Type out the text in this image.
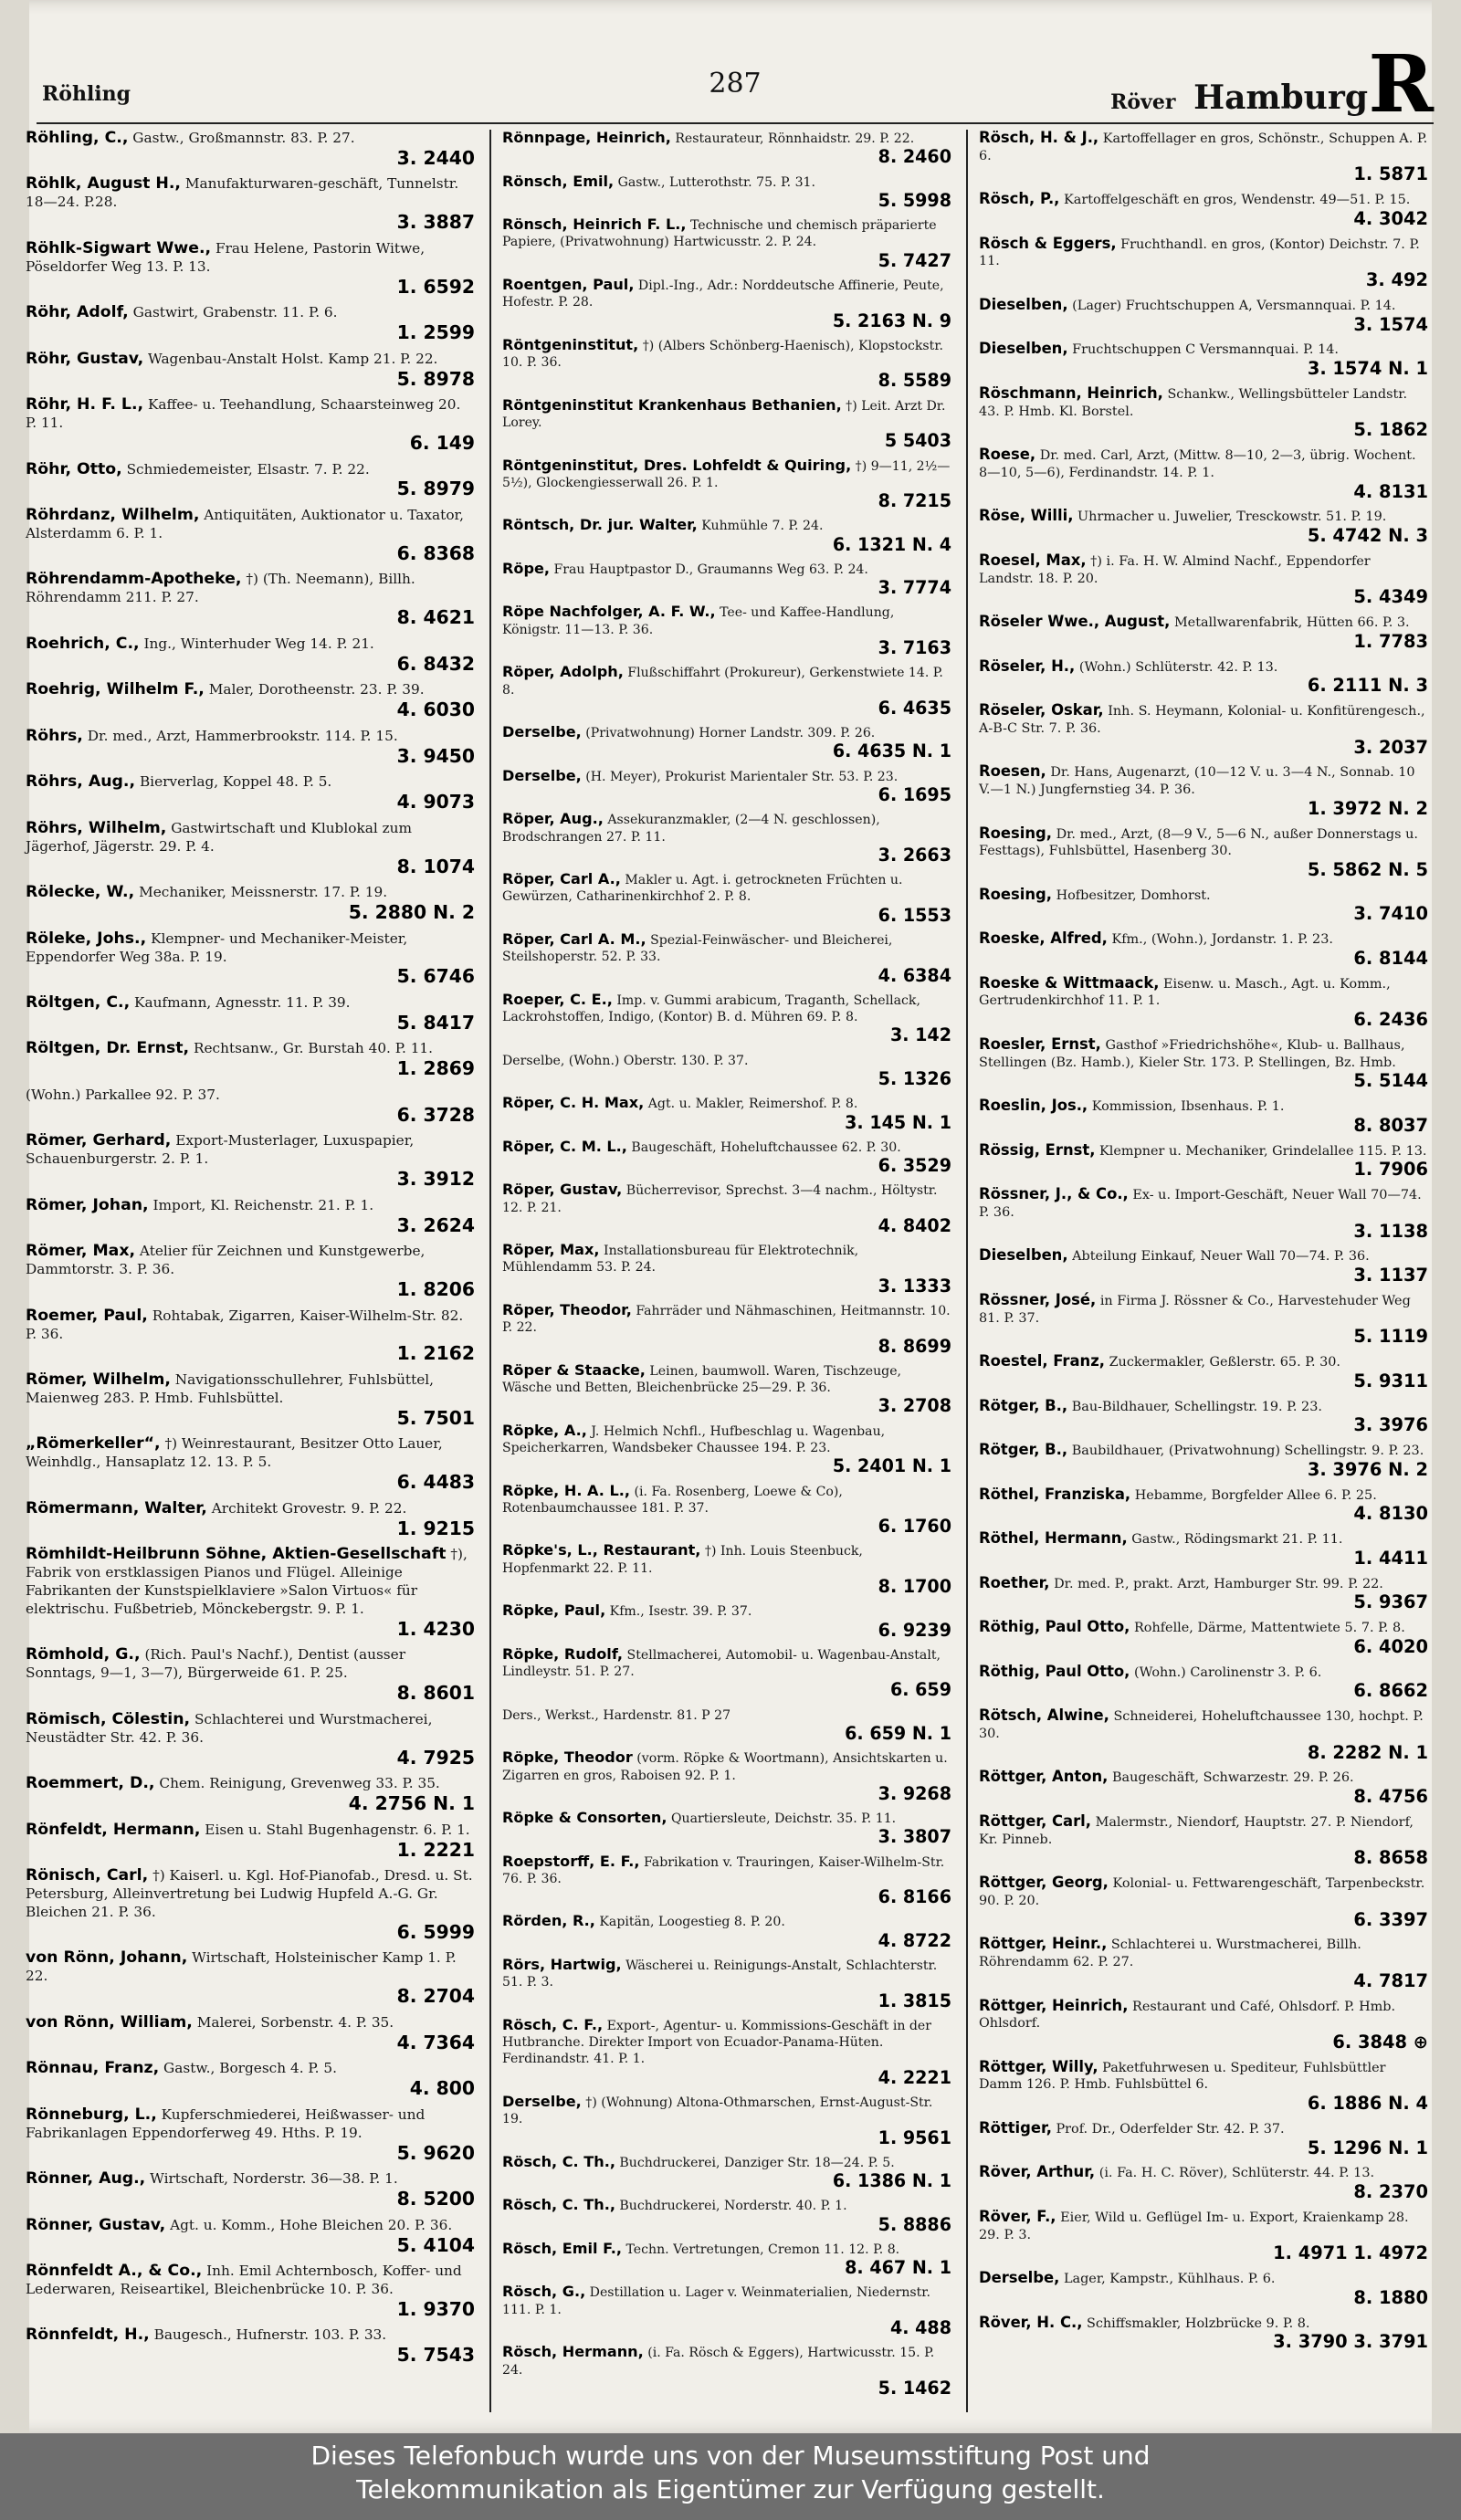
Röhling	287
Röver Hamburg R
Röhling, C., Gastw., Großmannstr. 83. P. 27.
3. 2440
Röhlk, August H., Manufakturwaren-geschäft, Tunnelstr. 18—24. P.28.
3. 3887
Röhlk-Sigwart Wwe., Frau Helene, Pastorin Witwe, Pöseldorfer Weg 13. P. 13.
1. 6592
Röhr, Adolf, Gastwirt, Grabenstr. 11. P. 6.
1. 2599
Röhr, Gustav, Wagenbau-Anstalt Holst. Kamp 21. P. 22.
5. 8978
Röhr, H. F. L., Kaffee- u. Teehandlung, Schaarsteinweg 20. P. 11.
6. 149
Röhr, Otto, Schmiedemeister, Elsastr. 7. P. 22.
5. 8979
Röhrdanz, Wilhelm, Antiquitäten, Auktionator u. Taxator, Alsterdamm 6. P. 1.
6. 8368
Röhrendamm-Apotheke, †) (Th. Neemann), Billh. Röhrendamm 211. P. 27.
8. 4621
Roehrich, C., Ing., Winterhuder Weg 14. P. 21.
6. 8432
Roehrig, Wilhelm F., Maler, Dorotheenstr. 23. P. 39.
4. 6030
Röhrs, Dr. med., Arzt, Hammerbrookstr. 114. P. 15.
3. 9450
Röhrs, Aug., Bierverlag, Koppel 48. P. 5.
4. 9073
Röhrs, Wilhelm, Gastwirtschaft und Klublokal zum Jägerhof, Jägerstr. 29. P. 4.
8. 1074
Rölecke, W., Mechaniker, Meissnerstr. 17. P. 19.
5. 2880 N. 2
Röleke, Johs., Klempner- und Mechaniker-Meister, Eppendorfer Weg 38a. P. 19.
5. 6746
Röltgen, C., Kaufmann, Agnesstr. 11. P. 39.
5. 8417
Röltgen, Dr. Ernst, Rechtsanw., Gr. Burstah 40. P. 11.
1. 2869
(Wohn.) Parkallee 92. P. 37.
6. 3728
Römer, Gerhard, Export-Musterlager, Luxuspapier, Schauenburgerstr. 2. P. 1.
3. 3912
Römer, Johan, Import, Kl. Reichenstr. 21. P. 1.
3. 2624
Römer, Max, Atelier für Zeichnen und Kunstgewerbe, Dammtorstr. 3. P. 36.
1. 8206
Roemer, Paul, Rohtabak, Zigarren, Kaiser-Wilhelm-Str. 82. P. 36.
1. 2162
Römer, Wilhelm, Navigationsschullehrer, Fuhlsbüttel, Maienweg 283. P. Hmb. Fuhlsbüttel.
5. 7501
„Römerkeller“, †) Weinrestaurant, Besitzer Otto Lauer, Weinhdlg., Hansaplatz 12. 13. P. 5.
6. 4483
Römermann, Walter, Architekt Grovestr. 9. P. 22.
1. 9215
Römhildt-Heilbrunn Söhne, Aktien-Gesellschaft †), Fabrik von erstklassigen Pianos und Flügel. Alleinige Fabrikanten der Kunstspielklaviere »Salon Virtuos« für elektrischu. Fußbetrieb, Mönckebergstr. 9. P. 1.
1. 4230
Römhold, G., (Rich. Paul's Nachf.), Dentist (ausser Sonntags, 9—1, 3—7), Bürgerweide 61. P. 25.
8. 8601
Römisch, Cölestin, Schlachterei und Wurstmacherei, Neustädter Str. 42. P. 36.
4. 7925
Roemmert, D., Chem. Reinigung, Grevenweg 33. P. 35.
4. 2756 N. 1
Rönfeldt, Hermann, Eisen u. Stahl Bugenhagenstr. 6. P. 1.
1. 2221
Rönisch, Carl, †) Kaiserl. u. Kgl. Hof-Pianofab., Dresd. u. St. Petersburg, Alleinvertretung bei Ludwig Hupfeld A.-G. Gr. Bleichen 21. P. 36.
6. 5999
von Rönn, Johann, Wirtschaft, Holsteinischer Kamp 1. P. 22.
8. 2704
von Rönn, William, Malerei, Sorbenstr. 4. P. 35.
4. 7364
Rönnau, Franz, Gastw., Borgesch 4. P. 5.
4. 800
Rönneburg, L., Kupferschmiederei, Heißwasser- und Fabrikanlagen Eppendorferweg 49. Hths. P. 19.
5. 9620
Rönner, Aug., Wirtschaft, Norderstr. 36—38. P. 1.
8. 5200
Rönner, Gustav, Agt. u. Komm., Hohe Bleichen 20. P. 36.
5. 4104
Rönnfeldt A., & Co., Inh. Emil Achternbosch, Koffer- und Lederwaren, Reiseartikel, Bleichenbrücke 10. P. 36.
1. 9370
Rönnfeldt, H., Baugesch., Hufnerstr. 103. P. 33.
5. 7543
Rönnpage, Heinrich, Restaurateur, Rönnhaidstr. 29. P. 22.
8. 2460
Rönsch, Emil, Gastw., Lutterothstr. 75. P. 31.
5. 5998
Rönsch, Heinrich F. L., Technische und chemisch präparierte Papiere, (Privatwohnung) Hartwicusstr. 2. P. 24.
5. 7427
Roentgen, Paul, Dipl.-Ing., Adr.: Norddeutsche Affinerie, Peute, Hofestr. P. 28.
5. 2163 N. 9
Röntgeninstitut, †) (Albers Schönberg-Haenisch), Klopstockstr. 10. P. 36.
8. 5589
Röntgeninstitut Krankenhaus Bethanien, †) Leit. Arzt Dr. Lorey.
5 5403
Röntgeninstitut, Dres. Lohfeldt & Quiring, †) 9—11, 2½—5½), Glockengiesserwall 26. P. 1.
8. 7215
Röntsch, Dr. jur. Walter, Kuhmühle 7. P. 24.
6. 1321 N. 4
Röpe, Frau Hauptpastor D., Graumanns Weg 63. P. 24.
3. 7774
Röpe Nachfolger, A. F. W., Tee- und Kaffee-Handlung, Königstr. 11—13. P. 36.
3. 7163
Röper, Adolph, Flußschiffahrt (Prokureur), Gerkenstwiete 14. P. 8.
6. 4635
Derselbe, (Privatwohnung) Horner Landstr. 309. P. 26.
6. 4635 N. 1
Derselbe, (H. Meyer), Prokurist Marientaler Str. 53. P. 23.
6. 1695
Röper, Aug., Assekuranzmakler, (2—4 N. geschlossen), Brodschrangen 27. P. 11.
3. 2663
Röper, Carl A., Makler u. Agt. i. getrockneten Früchten u. Gewürzen, Catharinenkirchhof 2. P. 8.
6. 1553
Röper, Carl A. M., Spezial-Feinwäscher- und Bleicherei, Steilshoperstr. 52. P. 33.
4. 6384
Roeper, C. E., Imp. v. Gummi arabicum, Traganth, Schellack, Lackrohstoffen, Indigo, (Kontor) B. d. Mühren 69. P. 8.
3. 142
Derselbe, (Wohn.) Oberstr. 130. P. 37.
5. 1326
Röper, C. H. Max, Agt. u. Makler, Reimershof. P. 8.
3. 145 N. 1
Röper, C. M. L., Baugeschäft, Hoheluftchaussee 62. P. 30.
6. 3529
Röper, Gustav, Bücherrevisor, Sprechst. 3—4 nachm., Höltystr. 12. P. 21.
4. 8402
Röper, Max, Installationsbureau für Elektrotechnik, Mühlendamm 53. P. 24.
3. 1333
Röper, Theodor, Fahrräder und Nähmaschinen, Heitmannstr. 10. P. 22.
8. 8699
Röper & Staacke, Leinen, baumwoll. Waren, Tischzeuge, Wäsche und Betten, Bleichenbrücke 25—29. P. 36.
3. 2708
Röpke, A., J. Helmich Nchfl., Hufbeschlag u. Wagenbau, Speicherkarren, Wandsbeker Chaussee 194. P. 23.
5. 2401 N. 1
Röpke, H. A. L., (i. Fa. Rosenberg, Loewe & Co), Rotenbaumchaussee 181. P. 37.
6. 1760
Röpke's, L., Restaurant, †) Inh. Louis Steenbuck, Hopfenmarkt 22. P. 11.
8. 1700
Röpke, Paul, Kfm., Isestr. 39. P. 37.
6. 9239
Röpke, Rudolf, Stellmacherei, Automobil- u. Wagenbau-Anstalt, Lindleystr. 51. P. 27.
6. 659
Ders., Werkst., Hardenstr. 81. P 27
6. 659 N. 1
Röpke, Theodor (vorm. Röpke & Woortmann), Ansichtskarten u. Zigarren en gros, Raboisen 92. P. 1.
3. 9268
Röpke & Consorten, Quartiersleute, Deichstr. 35. P. 11.
3. 3807
Roepstorff, E. F., Fabrikation v. Trauringen, Kaiser-Wilhelm-Str. 76. P. 36.
6. 8166
Rörden, R., Kapitän, Loogestieg 8. P. 20.
4. 8722
Rörs, Hartwig, Wäscherei u. Reinigungs-Anstalt, Schlachterstr. 51. P. 3.
1. 3815
Rösch, C. F., Export-, Agentur- u. Kommissions-Geschäft in der Hutbranche. Direkter Import von Ecuador-Panama-Hüten. Ferdinandstr. 41. P. 1.
4. 2221
Derselbe, †) (Wohnung) Altona-Othmarschen, Ernst-August-Str. 19.
1. 9561
Rösch, C. Th., Buchdruckerei, Danziger Str. 18—24. P. 5.
6. 1386 N. 1
Rösch, C. Th., Buchdruckerei, Norderstr. 40. P. 1.
5. 8886
Rösch, Emil F., Techn. Vertretungen, Cremon 11. 12. P. 8.
8. 467 N. 1
Rösch, G., Destillation u. Lager v. Weinmaterialien, Niedernstr. 111. P. 1.
4. 488
Rösch, Hermann, (i. Fa. Rösch & Eggers), Hartwicusstr. 15. P. 24.
5. 1462
Rösch, H. & J., Kartoffellager en gros, Schönstr., Schuppen A. P. 6.
1. 5871
Rösch, P., Kartoffelgeschäft en gros, Wendenstr. 49—51. P. 15.
4. 3042
Rösch & Eggers, Fruchthandl. en gros, (Kontor) Deichstr. 7. P. 11.
3. 492
Dieselben, (Lager) Fruchtschuppen A, Versmannquai. P. 14.
3. 1574
Dieselben, Fruchtschuppen C Versmannquai. P. 14.
3. 1574 N. 1
Röschmann, Heinrich, Schankw., Wellingsbütteler Landstr. 43. P. Hmb. Kl. Borstel.
5. 1862
Roese, Dr. med. Carl, Arzt, (Mittw. 8—10, 2—3, übrig. Wochent. 8—10, 5—6), Ferdinandstr. 14. P. 1.
4. 8131
Röse, Willi, Uhrmacher u. Juwelier, Tresckowstr. 51. P. 19.
5. 4742 N. 3
Roesel, Max, †) i. Fa. H. W. Almind Nachf., Eppendorfer Landstr. 18. P. 20.
5. 4349
Röseler Wwe., August, Metallwarenfabrik, Hütten 66. P. 3.
1. 7783
Röseler, H., (Wohn.) Schlüterstr. 42. P. 13.
6. 2111 N. 3
Röseler, Oskar, Inh. S. Heymann, Kolonial- u. Konfitürengesch., A-B-C Str. 7. P. 36.
3. 2037
Roesen, Dr. Hans, Augenarzt, (10—12 V. u. 3—4 N., Sonnab. 10 V.—1 N.) Jungfernstieg 34. P. 36.
1. 3972 N. 2
Roesing, Dr. med., Arzt, (8—9 V., 5—6 N., außer Donnerstags u. Festtags), Fuhlsbüttel, Hasenberg 30.
5. 5862 N. 5
Roesing, Hofbesitzer, Domhorst.
3. 7410
Roeske, Alfred, Kfm., (Wohn.), Jordanstr. 1. P. 23.
6. 8144
Roeske & Wittmaack, Eisenw. u. Masch., Agt. u. Komm., Gertrudenkirchhof 11. P. 1.
6. 2436
Roesler, Ernst, Gasthof »Friedrichshöhe«, Klub- u. Ballhaus, Stellingen (Bz. Hamb.), Kieler Str. 173. P. Stellingen, Bz. Hmb.
5. 5144
Roeslin, Jos., Kommission, Ibsenhaus. P. 1.
8. 8037
Rössig, Ernst, Klempner u. Mechaniker, Grindelallee 115. P. 13.
1. 7906
Rössner, J., & Co., Ex- u. Import-Geschäft, Neuer Wall 70—74. P. 36.
3. 1138
Dieselben, Abteilung Einkauf, Neuer Wall 70—74. P. 36.
3. 1137
Rössner, José, in Firma J. Rössner & Co., Harvestehuder Weg 81. P. 37.
5. 1119
Roestel, Franz, Zuckermakler, Geßlerstr. 65. P. 30.
5. 9311
Rötger, B., Bau-Bildhauer, Schellingstr. 19. P. 23.
3. 3976
Rötger, B., Baubildhauer, (Privatwohnung) Schellingstr. 9. P. 23.
3. 3976 N. 2
Röthel, Franziska, Hebamme, Borgfelder Allee 6. P. 25.
4. 8130
Röthel, Hermann, Gastw., Rödingsmarkt 21. P. 11.
1. 4411
Roether, Dr. med. P., prakt. Arzt, Hamburger Str. 99. P. 22.
5. 9367
Röthig, Paul Otto, Rohfelle, Därme, Mattentwiete 5. 7. P. 8.
6. 4020
Röthig, Paul Otto, (Wohn.) Carolinenstr 3. P. 6.
6. 8662
Rötsch, Alwine, Schneiderei, Hoheluftchaussee 130, hochpt. P. 30.
8. 2282 N. 1
Röttger, Anton, Baugeschäft, Schwarzestr. 29. P. 26.
8. 4756
Röttger, Carl, Malermstr., Niendorf, Hauptstr. 27. P. Niendorf, Kr. Pinneb.
8. 8658
Röttger, Georg, Kolonial- u. Fettwarengeschäft, Tarpenbeckstr. 90. P. 20.
6. 3397
Röttger, Heinr., Schlachterei u. Wurstmacherei, Billh. Röhrendamm 62. P. 27.
4. 7817
Röttger, Heinrich, Restaurant und Café, Ohlsdorf. P. Hmb. Ohlsdorf.
6. 3848 ⊕
Röttger, Willy, Paketfuhrwesen u. Spediteur, Fuhlsbüttler Damm 126. P. Hmb. Fuhlsbüttel 6.
6. 1886 N. 4
Röttiger, Prof. Dr., Oderfelder Str. 42. P. 37.
5. 1296 N. 1
Röver, Arthur, (i. Fa. H. C. Röver), Schlüterstr. 44. P. 13.
8. 2370
Röver, F., Eier, Wild u. Geflügel Im- u. Export, Kraienkamp 28. 29. P. 3.
1. 4971 1. 4972
Derselbe, Lager, Kampstr., Kühlhaus. P. 6.
8. 1880
Röver, H. C., Schiffsmakler, Holzbrücke 9. P. 8.
3. 3790 3. 3791
Dieses Telefonbuch wurde uns von der Museumsstiftung Post und
Telekommunikation als Eigentümer zur Verfügung gestellt.
